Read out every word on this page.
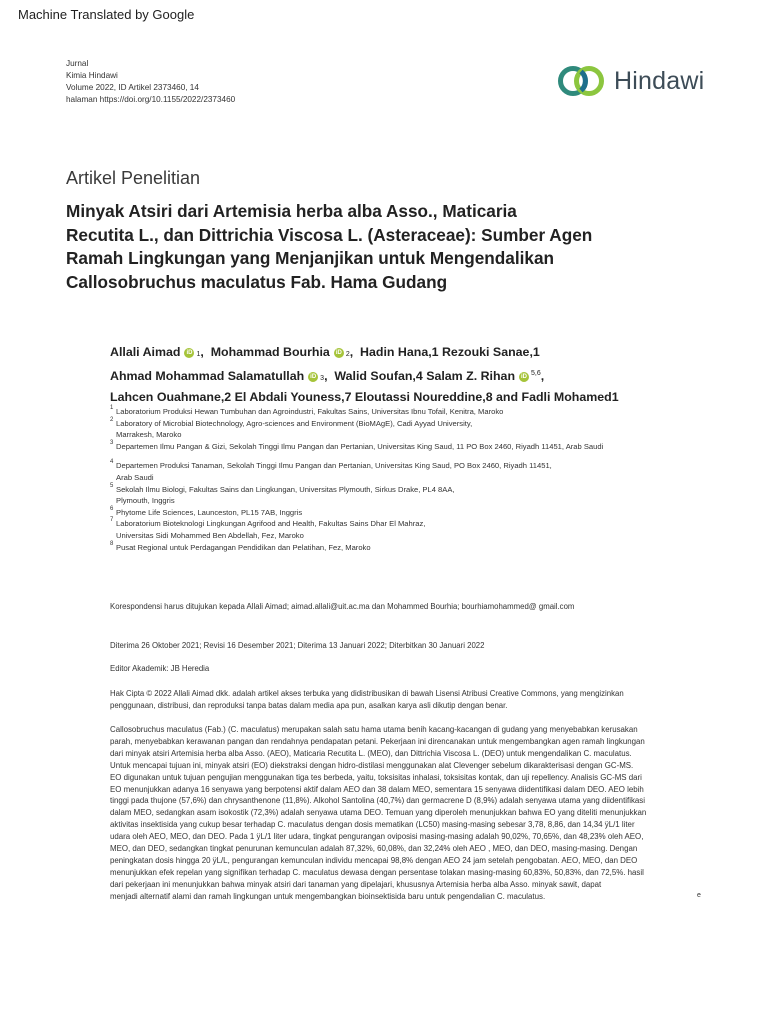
Machine Translated by Google
Jurnal
Kimia Hindawi
Volume 2022, ID Artikel 2373460, 14
halaman https://doi.org/10.1155/2022/2373460
Hindawi
Artikel Penelitian
Minyak Atsiri dari Artemisia herba alba Asso., Maticaria
Recutita L., dan Dittrichia Viscosa L. (Asteraceae): Sumber Agen
Ramah Lingkungan yang Menjanjikan untuk Mengendalikan
Callosobruchus maculatus Fab. Hama Gudang
Allali Aimad iD 1,  Mohammad Bourhia iD 2,  Hadin Hana,1 Rezouki Sanae,1
Ahmad Mohammad Salamatullah iD 3,  Walid Soufan,4 Salam Z. Rihan iD $^{5,6}$,
Lahcen Ouahmane,2 El Abdali Youness,7 Eloutassi Noureddine,8 and Fadli Mohamed1
1 Laboratorium Produksi Hewan Tumbuhan dan Agroindustri, Fakultas Sains, Universitas Ibnu Tofail, Kenitra, Maroko
2 Laboratory of Microbial Biotechnology, Agro-sciences and Environment (BioMAgE), Cadi Ayyad University,
Marrakesh, Maroko
3 Departemen Ilmu Pangan & Gizi, Sekolah Tinggi Ilmu Pangan dan Pertanian, Universitas King Saud, 11 PO Box 2460, Riyadh 11451, Arab Saudi
4 Departemen Produksi Tanaman, Sekolah Tinggi Ilmu Pangan dan Pertanian, Universitas King Saud, PO Box 2460, Riyadh 11451,
Arab Saudi
5 Sekolah Ilmu Biologi, Fakultas Sains dan Lingkungan, Universitas Plymouth, Sirkus Drake, PL4 8AA,
Plymouth, Inggris
6 Phytome Life Sciences, Launceston, PL15 7AB, Inggris
7 Laboratorium Bioteknologi Lingkungan Agrifood and Health, Fakultas Sains Dhar El Mahraz,
Universitas Sidi Mohammed Ben Abdellah, Fez, Maroko
8 Pusat Regional untuk Perdagangan Pendidikan dan Pelatihan, Fez, Maroko
Korespondensi harus ditujukan kepada Allali Aimad; aimad.allali@uit.ac.ma dan Mohammed Bourhia; bourhiamohammed@ gmail.com
Diterima 26 Oktober 2021; Revisi 16 Desember 2021; Diterima 13 Januari 2022; Diterbitkan 30 Januari 2022
Editor Akademik: JB Heredia
Hak Cipta © 2022 Allali Aimad dkk. adalah artikel akses terbuka yang didistribusikan di bawah Lisensi Atribusi Creative Commons, yang mengizinkan
penggunaan, distribusi, dan reproduksi tanpa batas dalam media apa pun, asalkan karya asli dikutip dengan benar.
Callosobruchus maculatus (Fab.) (C. maculatus) merupakan salah satu hama utama benih kacang-kacangan di gudang yang menyebabkan kerusakan
parah, menyebabkan kerawanan pangan dan rendahnya pendapatan petani. Pekerjaan ini direncanakan untuk mengembangkan agen ramah lingkungan
dari minyak atsiri Artemisia herba alba Asso. (AEO), Maticaria Recutita L. (MEO), dan Dittrichia Viscosa L. (DEO) untuk mengendalikan C. maculatus.
Untuk mencapai tujuan ini, minyak atsiri (EO) diekstraksi dengan hidro-distilasi menggunakan alat Clevenger sebelum dikarakterisasi dengan GC-MS.
EO digunakan untuk tujuan pengujian menggunakan tiga tes berbeda, yaitu, toksisitas inhalasi, toksisitas kontak, dan uji repellency. Analisis GC-MS dari
EO menunjukkan adanya 16 senyawa yang berpotensi aktif dalam AEO dan 38 dalam MEO, sementara 15 senyawa diidentifikasi dalam DEO. AEO lebih
tinggi pada thujone (57,6%) dan chrysanthenone (11,8%). Alkohol Santolina (40,7%) dan germacrene D (8,9%) adalah senyawa utama yang diidentifikasi
dalam MEO, sedangkan asam isokostik (72,3%) adalah senyawa utama DEO. Temuan yang diperoleh menunjukkan bahwa EO yang diteliti menunjukkan
aktivitas insektisida yang cukup besar terhadap C. maculatus dengan dosis mematikan (LC50) masing-masing sebesar 3,78, 8,86, dan 14,34 ÿL/1 liter
udara oleh AEO, MEO, dan DEO. Pada 1 ÿL/1 liter udara, tingkat pengurangan oviposisi masing-masing adalah 90,02%, 70,65%, dan 48,23% oleh AEO,
MEO, dan DEO, sedangkan tingkat penurunan kemunculan adalah 87,32%, 60,08%, dan 32,24% oleh AEO , MEO, dan DEO, masing-masing. Dengan
peningkatan dosis hingga 20 ÿL/L, pengurangan kemunculan individu mencapai 98,8% dengan AEO 24 jam setelah pengobatan. AEO, MEO, dan DEO
menunjukkan efek repelan yang signifikan terhadap C. maculatus dewasa dengan persentase tolakan masing-masing 60,83%, 50,83%, dan 72,5%. hasil
dari pekerjaan ini menunjukkan bahwa minyak atsiri dari tanaman yang dipelajari, khususnya Artemisia herba alba Asso. minyak sawit, dapat
menjadi alternatif alami dan ramah lingkungan untuk mengembangkan bioinsektisida baru untuk pengendalian C. maculatus.	e
